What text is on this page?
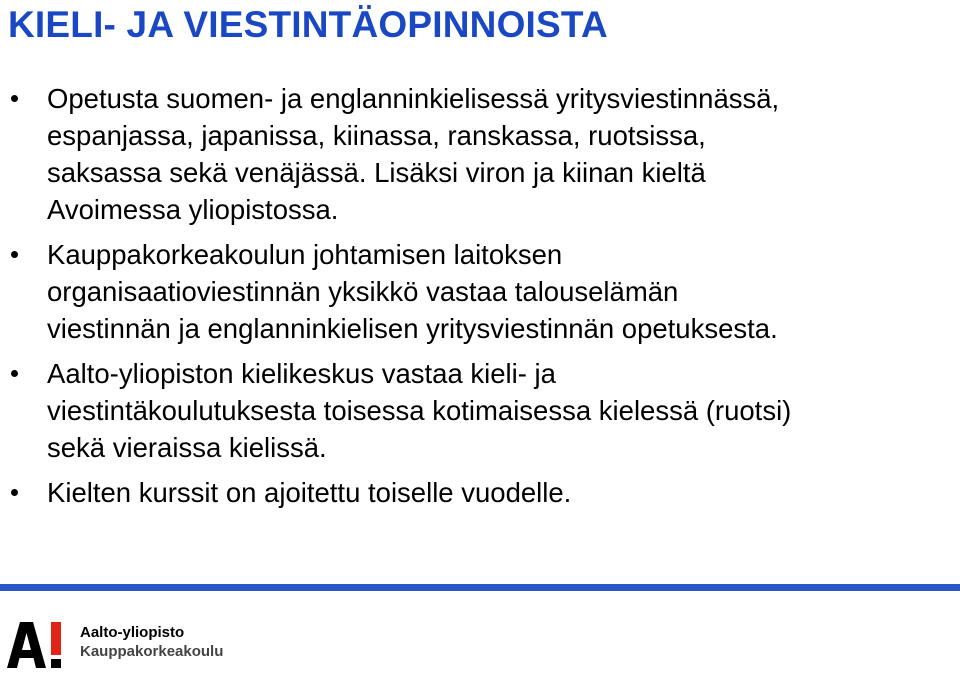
KIELI- JA VIESTINTÄOPINNOISTA
Opetusta suomen- ja englanninkielisessä yritysviestinnässä,
espanjassa, japanissa, kiinassa, ranskassa, ruotsissa,
saksassa sekä venäjässä. Lisäksi viron ja kiinan kieltä
Avoimessa yliopistossa.
Kauppakorkeakoulun johtamisen laitoksen
organisaatioviestinnän yksikkö vastaa talouselämän
viestinnän ja englanninkielisen yritysviestinnän opetuksesta.
Aalto-yliopiston kielikeskus vastaa kieli- ja
viestintäkoulutuksesta toisessa kotimaisessa kielessä (ruotsi)
sekä vieraissa kielissä.
Kielten kurssit on ajoitettu toiselle vuodelle.
Aalto-yliopisto
Kauppakorkeakoulu
